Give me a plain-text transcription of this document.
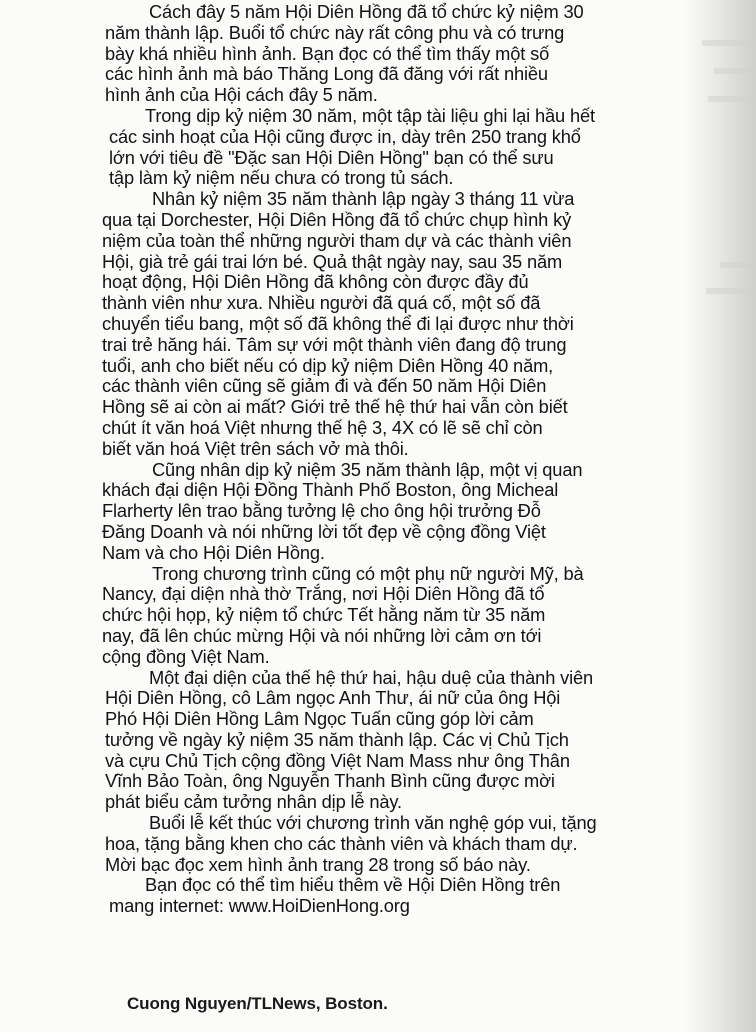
Cách đây 5 năm Hội Diên Hồng đã tổ chức kỷ niệm 30
năm thành lập. Buổi tổ chức này rất công phu và có trưng
bày khá nhiều hình ảnh. Bạn đọc có thể tìm thấy một số
các hình ảnh mà báo Thăng Long đã đăng với rất nhiều
hình ảnh của Hội cách đây 5 năm.

Trong dịp kỷ niệm 30 năm, một tập tài liệu ghi lại hầu hết
các sinh hoạt của Hội cũng được in, dày trên 250 trang khổ
lớn với tiêu đề "Đặc san Hội Diên Hồng" bạn có thể sưu
tập làm kỷ niệm nếu chưa có trong tủ sách.

Nhân kỷ niệm 35 năm thành lập ngày 3 tháng 11 vừa
qua tại Dorchester, Hội Diên Hồng đã tổ chức chụp hình kỷ
niệm của toàn thể những người tham dự và các thành viên
Hội, già trẻ gái trai lớn bé. Quả thật ngày nay, sau 35 năm
hoạt động, Hội Diên Hồng đã không còn được đầy đủ
thành viên như xưa. Nhiều người đã quá cố, một số đã
chuyển tiểu bang, một số đã không thể đi lại được như thời
trai trẻ hăng hái. Tâm sự với một thành viên đang độ trung
tuổi, anh cho biết nếu có dịp kỷ niệm Diên Hồng 40 năm,
các thành viên cũng sẽ giảm đi và đến 50 năm Hội Diên
Hồng sẽ ai còn ai mất? Giới trẻ thế hệ thứ hai vẫn còn biết
chút ít văn hoá Việt nhưng thế hệ 3, 4X có lẽ sẽ chỉ còn
biết văn hoá Việt trên sách vở mà thôi.

Cũng nhân dịp kỷ niệm 35 năm thành lập, một vị quan
khách đại diện Hội Đồng Thành Phố Boston, ông Micheal
Flarherty lên trao bằng tưởng lệ cho ông hội trưởng Đỗ
Đăng Doanh và nói những lời tốt đẹp về cộng đồng Việt
Nam và cho Hội Diên Hồng.

Trong chương trình cũng có một phụ nữ người Mỹ, bà
Nancy, đại diện nhà thờ Trắng, nơi Hội Diên Hồng đã tổ
chức hội họp, kỷ niệm tổ chức Tết hằng năm từ 35 năm
nay, đã lên chúc mừng Hội và nói những lời cảm ơn tới
cộng đồng Việt Nam.

Một đại diện của thế hệ thứ hai, hậu duệ của thành viên
Hội Diên Hồng, cô Lâm ngọc Anh Thư, ái nữ của ông Hội
Phó Hội Diên Hồng Lâm Ngọc Tuấn cũng góp lời cảm
tưởng về ngày kỷ niệm 35 năm thành lập. Các vị Chủ Tịch
và cựu Chủ Tịch cộng đồng Việt Nam Mass như ông Thân
Vĩnh Bảo Toàn, ông Nguyễn Thanh Bình cũng được mời
phát biểu cảm tưởng nhân dịp lễ này.

Buổi lễ kết thúc với chương trình văn nghệ góp vui, tặng
hoa, tặng bằng khen cho các thành viên và khách tham dự.
Mời bạc đọc xem hình ảnh trang 28 trong số báo này.

Bạn đọc có thể tìm hiểu thêm về Hội Diên Hồng trên
mang internet: www.HoiDienHong.org

Cuong Nguyen/TLNews, Boston.
